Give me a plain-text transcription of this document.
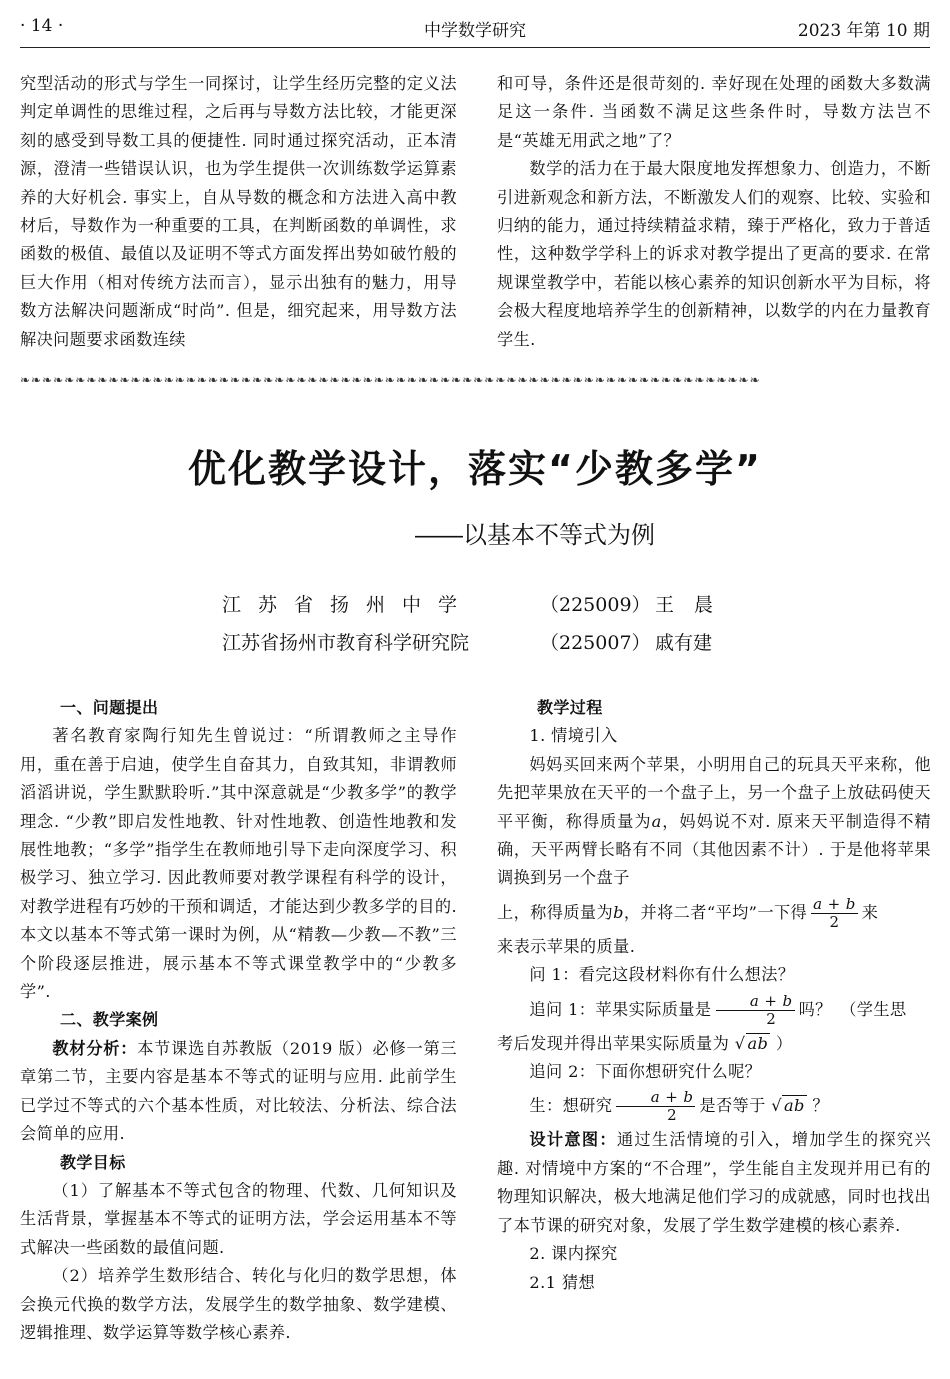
· 14 ·	中学数学研究	2023 年第 10 期

究型活动的形式与学生一同探讨，让学生经历完整的定义法判定单调性的思维过程，之后再与导数方法比较，才能更深刻的感受到导数工具的便捷性. 同时通过探究活动，正本清源，澄清一些错误认识，也为学生提供一次训练数学运算素养的大好机会. 事实上，自从导数的概念和方法进入高中教材后，导数作为一种重要的工具，在判断函数的单调性，求函数的极值、最值以及证明不等式方面发挥出势如破竹般的巨大作用（相对传统方法而言），显示出独有的魅力，用导数方法解决问题渐成“时尚”. 但是，细究起来，用导数方法解决问题要求函数连续

和可导，条件还是很苛刻的. 幸好现在处理的函数大多数满足这一条件. 当函数不满足这些条件时，导数方法岂不是“英雄无用武之地”了？

数学的活力在于最大限度地发挥想象力、创造力，不断引进新观念和新方法，不断激发人们的观察、比较、实验和归纳的能力，通过持续精益求精，臻于严格化，致力于普适性，这种数学学科上的诉求对教学提出了更高的要求. 在常规课堂教学中，若能以核心素养的知识创新水平为目标，将会极大程度地培养学生的创新精神，以数学的内在力量教育学生.

❧❧❧❧❧❧❧❧❧❧❧❧❧❧❧❧❧❧❧❧❧❧❧❧❧❧❧❧❧❧❧❧❧❧❧❧❧❧❧❧❧❧❧❧❧❧❧❧❧❧❧❧❧❧❧❧❧❧❧❧❧❧❧❧❧❧❧
优化教学设计，落实“少教多学”
——以基本不等式为例
江苏省扬州中学	（225009） 王晨
江苏省扬州市教育科学研究院	（225007） 戚有建
一、问题提出

著名教育家陶行知先生曾说过：“所谓教师之主导作用，重在善于启迪，使学生自奋其力，自致其知，非谓教师滔滔讲说，学生默默聆听.”其中深意就是“少教多学”的教学理念. “少教”即启发性地教、针对性地教、创造性地教和发展性地教；“多学”指学生在教师地引导下走向深度学习、积极学习、独立学习. 因此教师要对教学课程有科学的设计，对教学进程有巧妙的干预和调适，才能达到少教多学的目的. 本文以基本不等式第一课时为例，从“精教—少教—不教”三个阶段逐层推进，展示基本不等式课堂教学中的“少教多学”.

二、教学案例

教材分析：本节课选自苏教版（2019 版）必修一第三章第二节，主要内容是基本不等式的证明与应用. 此前学生已学过不等式的六个基本性质，对比较法、分析法、综合法会简单的应用.

教学目标

（1）了解基本不等式包含的物理、代数、几何知识及生活背景，掌握基本不等式的证明方法，学会运用基本不等式解决一些函数的最值问题.

（2）培养学生数形结合、转化与化归的数学思想，体会换元代换的数学方法，发展学生的数学抽象、数学建模、逻辑推理、数学运算等数学核心素养.

教学过程

1. 情境引入

妈妈买回来两个苹果，小明用自己的玩具天平来称，他先把苹果放在天平的一个盘子上，另一个盘子上放砝码使天平平衡，称得质量为a，妈妈说不对. 原来天平制造得不精确，天平两臂长略有不同（其他因素不计）. 于是他将苹果调换到另一个盘子

上，称得质量为b，并将二者“平均”一下得 $\frac{a + b}{2}$ 来

来表示苹果的质量.

问 1：看完这段材料你有什么想法？

追问 1：苹果实际质量是 $\frac{a + b}{2}$ 吗？　（学生思

考后发现并得出苹果实际质量为 √ ab ）

追问 2：下面你想研究什么呢？

生：想研究 $\frac{a + b}{2}$ 是否等于 √ ab ？

设计意图：通过生活情境的引入，增加学生的探究兴趣. 对情境中方案的“不合理”，学生能自主发现并用已有的物理知识解决，极大地满足他们学习的成就感，同时也找出了本节课的研究对象，发展了学生数学建模的核心素养.

2. 课内探究

2.1 猜想
